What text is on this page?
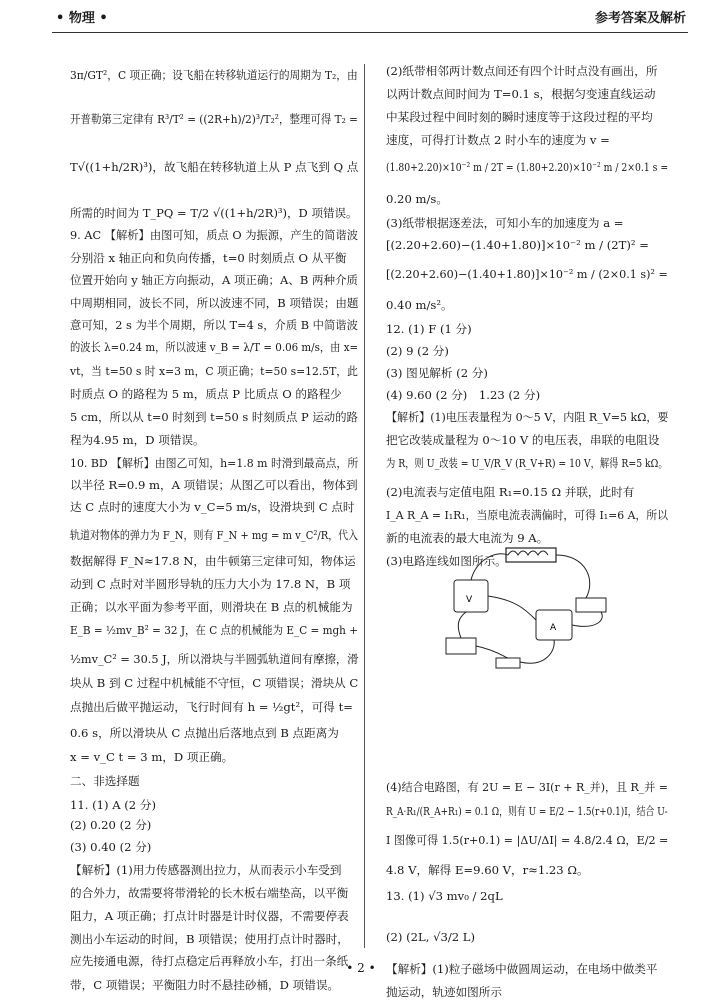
• 物理 •	参考答案及解析
3π/GT²，C 项正确；设飞船在转移轨道运行的周期为 T₂，由
开普勒第三定律有 R³/T² = ((2R+h)/2)³/T₂²，整理可得 T₂ =
T√((1+h/2R)³)，故飞船在转移轨道上从 P 点飞到 Q 点
所需的时间为 T_PQ = T/2 √((1+h/2R)³)，D 项错误。
9. AC 【解析】由图可知，质点 O 为振源，产生的简谐波
分别沿 x 轴正向和负向传播，t=0 时刻质点 O 从平衡
位置开始向 y 轴正方向振动，A 项正确；A、B 两种介质
中周期相同，波长不同，所以波速不同，B 项错误；由题
意可知，2 s 为半个周期，所以 T=4 s，介质 B 中简谐波
的波长 λ=0.24 m，所以波速 v_B = λ/T = 0.06 m/s，由 x=
vt，当 t=50 s 时 x=3 m，C 项正确；t=50 s=12.5T，此
时质点 O 的路程为 5 m，质点 P 比质点 O 的路程少
5 cm，所以从 t=0 时刻到 t=50 s 时刻质点 P 运动的路
程为4.95 m，D 项错误。
10. BD 【解析】由图乙可知，h=1.8 m 时滑到最高点，所
以半径 R=0.9 m，A 项错误；从图乙可以看出，物体到
达 C 点时的速度大小为 v_C=5 m/s，设滑块到 C 点时
轨道对物体的弹力为 F_N，则有 F_N + mg = m v_C²/R，代入
数据解得 F_N≈17.8 N，由牛顿第三定律可知，物体运
动到 C 点时对半圆形导轨的压力大小为 17.8 N，B 项
正确；以水平面为参考平面，则滑块在 B 点的机械能为
E_B = ½mv_B² = 32 J，在 C 点的机械能为 E_C = mgh +
½mv_C² = 30.5 J，所以滑块与半圆弧轨道间有摩擦，滑
块从 B 到 C 过程中机械能不守恒，C 项错误；滑块从 C
点抛出后做平抛运动，飞行时间有 h = ½gt²，可得 t=
0.6 s，所以滑块从 C 点抛出后落地点到 B 点距离为
x = v_C t = 3 m，D 项正确。
二、非选择题
11. (1) A (2 分)
(2) 0.20 (2 分)
(3) 0.40 (2 分)
【解析】(1)用力传感器测出拉力，从而表示小车受到
的合外力，故需要将带滑轮的长木板右端垫高，以平衡
阻力，A 项正确；打点计时器是计时仪器，不需要停表
测出小车运动的时间，B 项错误；使用打点计时器时，
应先接通电源，待打点稳定后再释放小车，打出一条纸
带，C 项错误；平衡阻力时不悬挂砂桶，D 项错误。
(2)纸带相邻两计数点间还有四个计时点没有画出，所
以两计数点间时间为 T=0.1 s，根据匀变速直线运动
中某段过程中间时刻的瞬时速度等于这段过程的平均
速度，可得打计数点 2 时小车的速度为 v =
(1.80+2.20)×10⁻² m / 2T = (1.80+2.20)×10⁻² m / 2×0.1 s =
0.20 m/s。
(3)纸带根据逐差法，可知小车的加速度为 a =
[(2.20+2.60)−(1.40+1.80)]×10⁻² m / (2T)² =
[(2.20+2.60)−(1.40+1.80)]×10⁻² m / (2×0.1 s)² =
0.40 m/s²。
12. (1) F (1 分)
(2) 9 (2 分)
(3) 图见解析 (2 分)
(4) 9.60 (2 分)　1.23 (2 分)
【解析】(1)电压表量程为 0～5 V，内阻 R_V=5 kΩ，要
把它改装成量程为 0～10 V 的电压表，串联的电阻设
为 R，则 U_改装 = U_V/R_V (R_V+R) = 10 V，解得 R=5 kΩ。
(2)电流表与定值电阻 R₁=0.15 Ω 并联，此时有
I_A R_A = I₁R₁，当原电流表满偏时，可得 I₁=6 A，所以
新的电流表的最大电流为 9 A。
(3)电路连线如图所示。
(4)结合电路图，有 2U = E − 3I(r + R_并)，且 R_并 =
R_A·R₁/(R_A+R₁) = 0.1 Ω，则有 U = E/2 − 1.5(r+0.1)I，结合 U-
I 图像可得 1.5(r+0.1) = |ΔU/ΔI| = 4.8/2.4 Ω，E/2 =
4.8 V，解得 E=9.60 V，r≈1.23 Ω。
13. (1) √3 mv₀ / 2qL
(2) (2L, √3/2 L)
【解析】(1)粒子磁场中做圆周运动，在电场中做类平
抛运动，轨迹如图所示
V
A
• 2 •
